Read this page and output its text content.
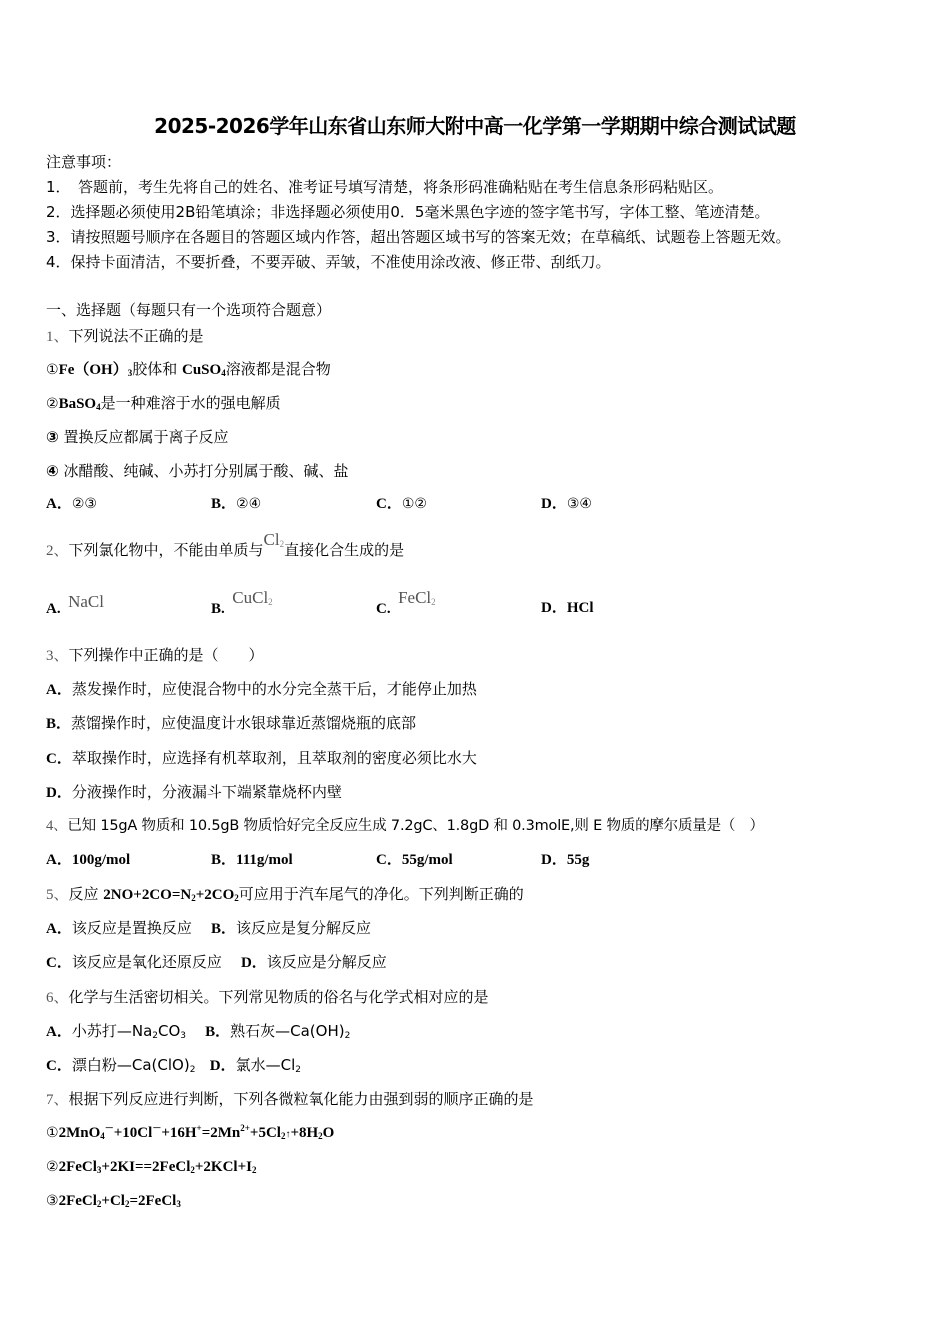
2025-2026学年山东省山东师大附中高一化学第一学期期中综合测试试题
注意事项：
1．　答题前，考生先将自己的姓名、准考证号填写清楚，将条形码准确粘贴在考生信息条形码粘贴区。
2．选择题必须使用2B铅笔填涂；非选择题必须使用0．5毫米黑色字迹的签字笔书写，字体工整、笔迹清楚。
3．请按照题号顺序在各题目的答题区域内作答，超出答题区域书写的答案无效；在草稿纸、试题卷上答题无效。
4．保持卡面清洁，不要折叠，不要弄破、弄皱，不准使用涂改液、修正带、刮纸刀。
一、选择题（每题只有一个选项符合题意）
1、下列说法不正确的是
$①Fe(OH)_3$胶体和 CuSO$_4$溶液都是混合物
②BaSO$_4$是一种难溶于水的强电解质
③ 置换反应都属于离子反应
④ 冰醋酸、纯碱、小苏打分别属于酸、碱、盐
A．②③	B．②④	C．①②	D．③④
2、下列氯化物中，不能由单质与$Cl_2$直接化合生成的是
A. NaCl	B.  CuCl$_2$	C.  FeCl$_2$	D．HCl
3、下列操作中正确的是（　　）
A．蒸发操作时，应使混合物中的水分完全蒸干后，才能停止加热
B．蒸馏操作时，应使温度计水银球靠近蒸馏烧瓶的底部
C．萃取操作时，应选择有机萃取剂，且萃取剂的密度必须比水大
D．分液操作时，分液漏斗下端紧靠烧杯内壁
4、已知 15gA 物质和 10.5gB 物质恰好完全反应生成 7.2gC、1.8gD 和 0.3molE,则 E 物质的摩尔质量是（　）
A．100g/mol	B．111g/mol	C．55g/mol	D．55g
5、反应 $2NO+2CO=N_2+2CO_2$可应用于汽车尾气的净化。下列判断正确的
A．该反应是置换反应 B．该反应是复分解反应
C．该反应是氧化还原反应 D．该反应是分解反应
6、化学与生活密切相关。下列常见物质的俗名与化学式相对应的是
A．小苏打$—Na_2CO_3$ B．熟石灰$—Ca(OH)_2$
C．漂白粉$—Ca(ClO)_2$ D．氯水$—Cl_2$
7、根据下列反应进行判断，下列各微粒氧化能力由强到弱的顺序正确的是
$①2MnO_4^-+10Cl^-+16H^+=2Mn^{2+}+5Cl_2↑+8H_2O$
$②2FeCl_3+2KI==2FeCl_2+2KCl+I_2$
$③2FeCl_2+Cl_2=2FeCl_3$
